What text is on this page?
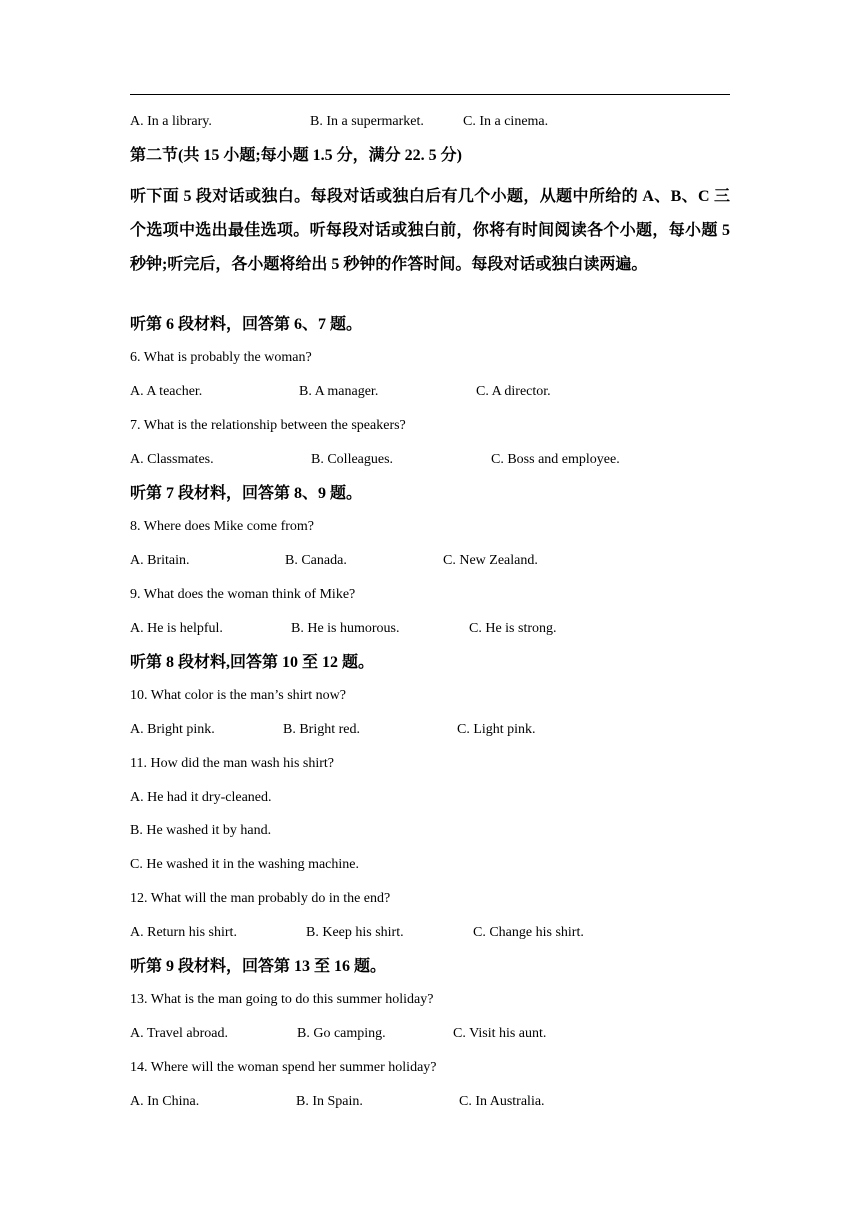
A. In a library.	B. In a supermarket.	C. In a cinema.
第二节(共 15 小题;每小题 1.5 分，满分 22. 5 分)
听下面 5 段对话或独白。每段对话或独白后有几个小题，从题中所给的 A、B、C 三个选项中选出最佳选项。听每段对话或独白前，你将有时间阅读各个小题，每小题 5 秒钟;听完后，各小题将给出 5 秒钟的作答时间。每段对话或独白读两遍。
听第 6 段材料，回答第 6、7 题。
6. What is probably the woman?
A. A teacher.	B. A manager.	C. A director.
7. What is the relationship between the speakers?
A. Classmates.	B. Colleagues.	C. Boss and employee.
听第 7 段材料，回答第 8、9 题。
8. Where does Mike come from?
A. Britain.	B. Canada.	C. New Zealand.
9. What does the woman think of Mike?
A. He is helpful.	B. He is humorous.	C. He is strong.
听第 8 段材料,回答第 10 至 12 题。
10. What color is the man’s shirt now?
A. Bright pink.	B. Bright red.	C. Light pink.
11. How did the man wash his shirt?
A. He had it dry-cleaned.
B. He washed it by hand.
C. He washed it in the washing machine.
12. What will the man probably do in the end?
A. Return his shirt.	B. Keep his shirt.	C. Change his shirt.
听第 9 段材料，回答第 13 至 16 题。
13. What is the man going to do this summer holiday?
A. Travel abroad.	B. Go camping.	C. Visit his aunt.
14. Where will the woman spend her summer holiday?
A. In China.	B. In Spain.	C. In Australia.
